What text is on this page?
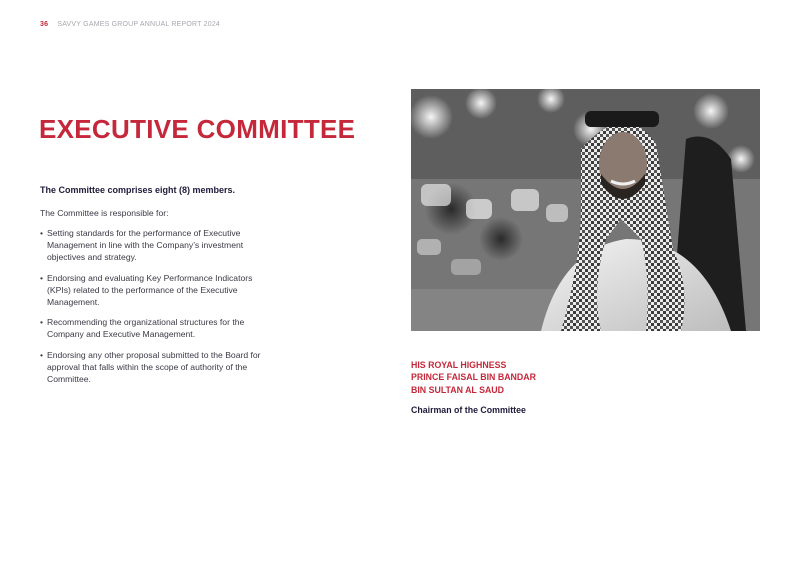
36 SAVVY GAMES GROUP ANNUAL REPORT 2024
EXECUTIVE COMMITTEE
The Committee comprises eight (8) members.
The Committee is responsible for:
• Setting standards for the performance of Executive Management in line with the Company’s investment objectives and strategy.
• Endorsing and evaluating Key Performance Indicators (KPIs) related to the performance of the Executive Management.
• Recommending the organizational structures for the Company and Executive Management.
• Endorsing any other proposal submitted to the Board for approval that falls within the scope of authority of the Committee.
HIS ROYAL HIGHNESS
PRINCE FAISAL BIN BANDAR
BIN SULTAN AL SAUD
Chairman of the Committee
